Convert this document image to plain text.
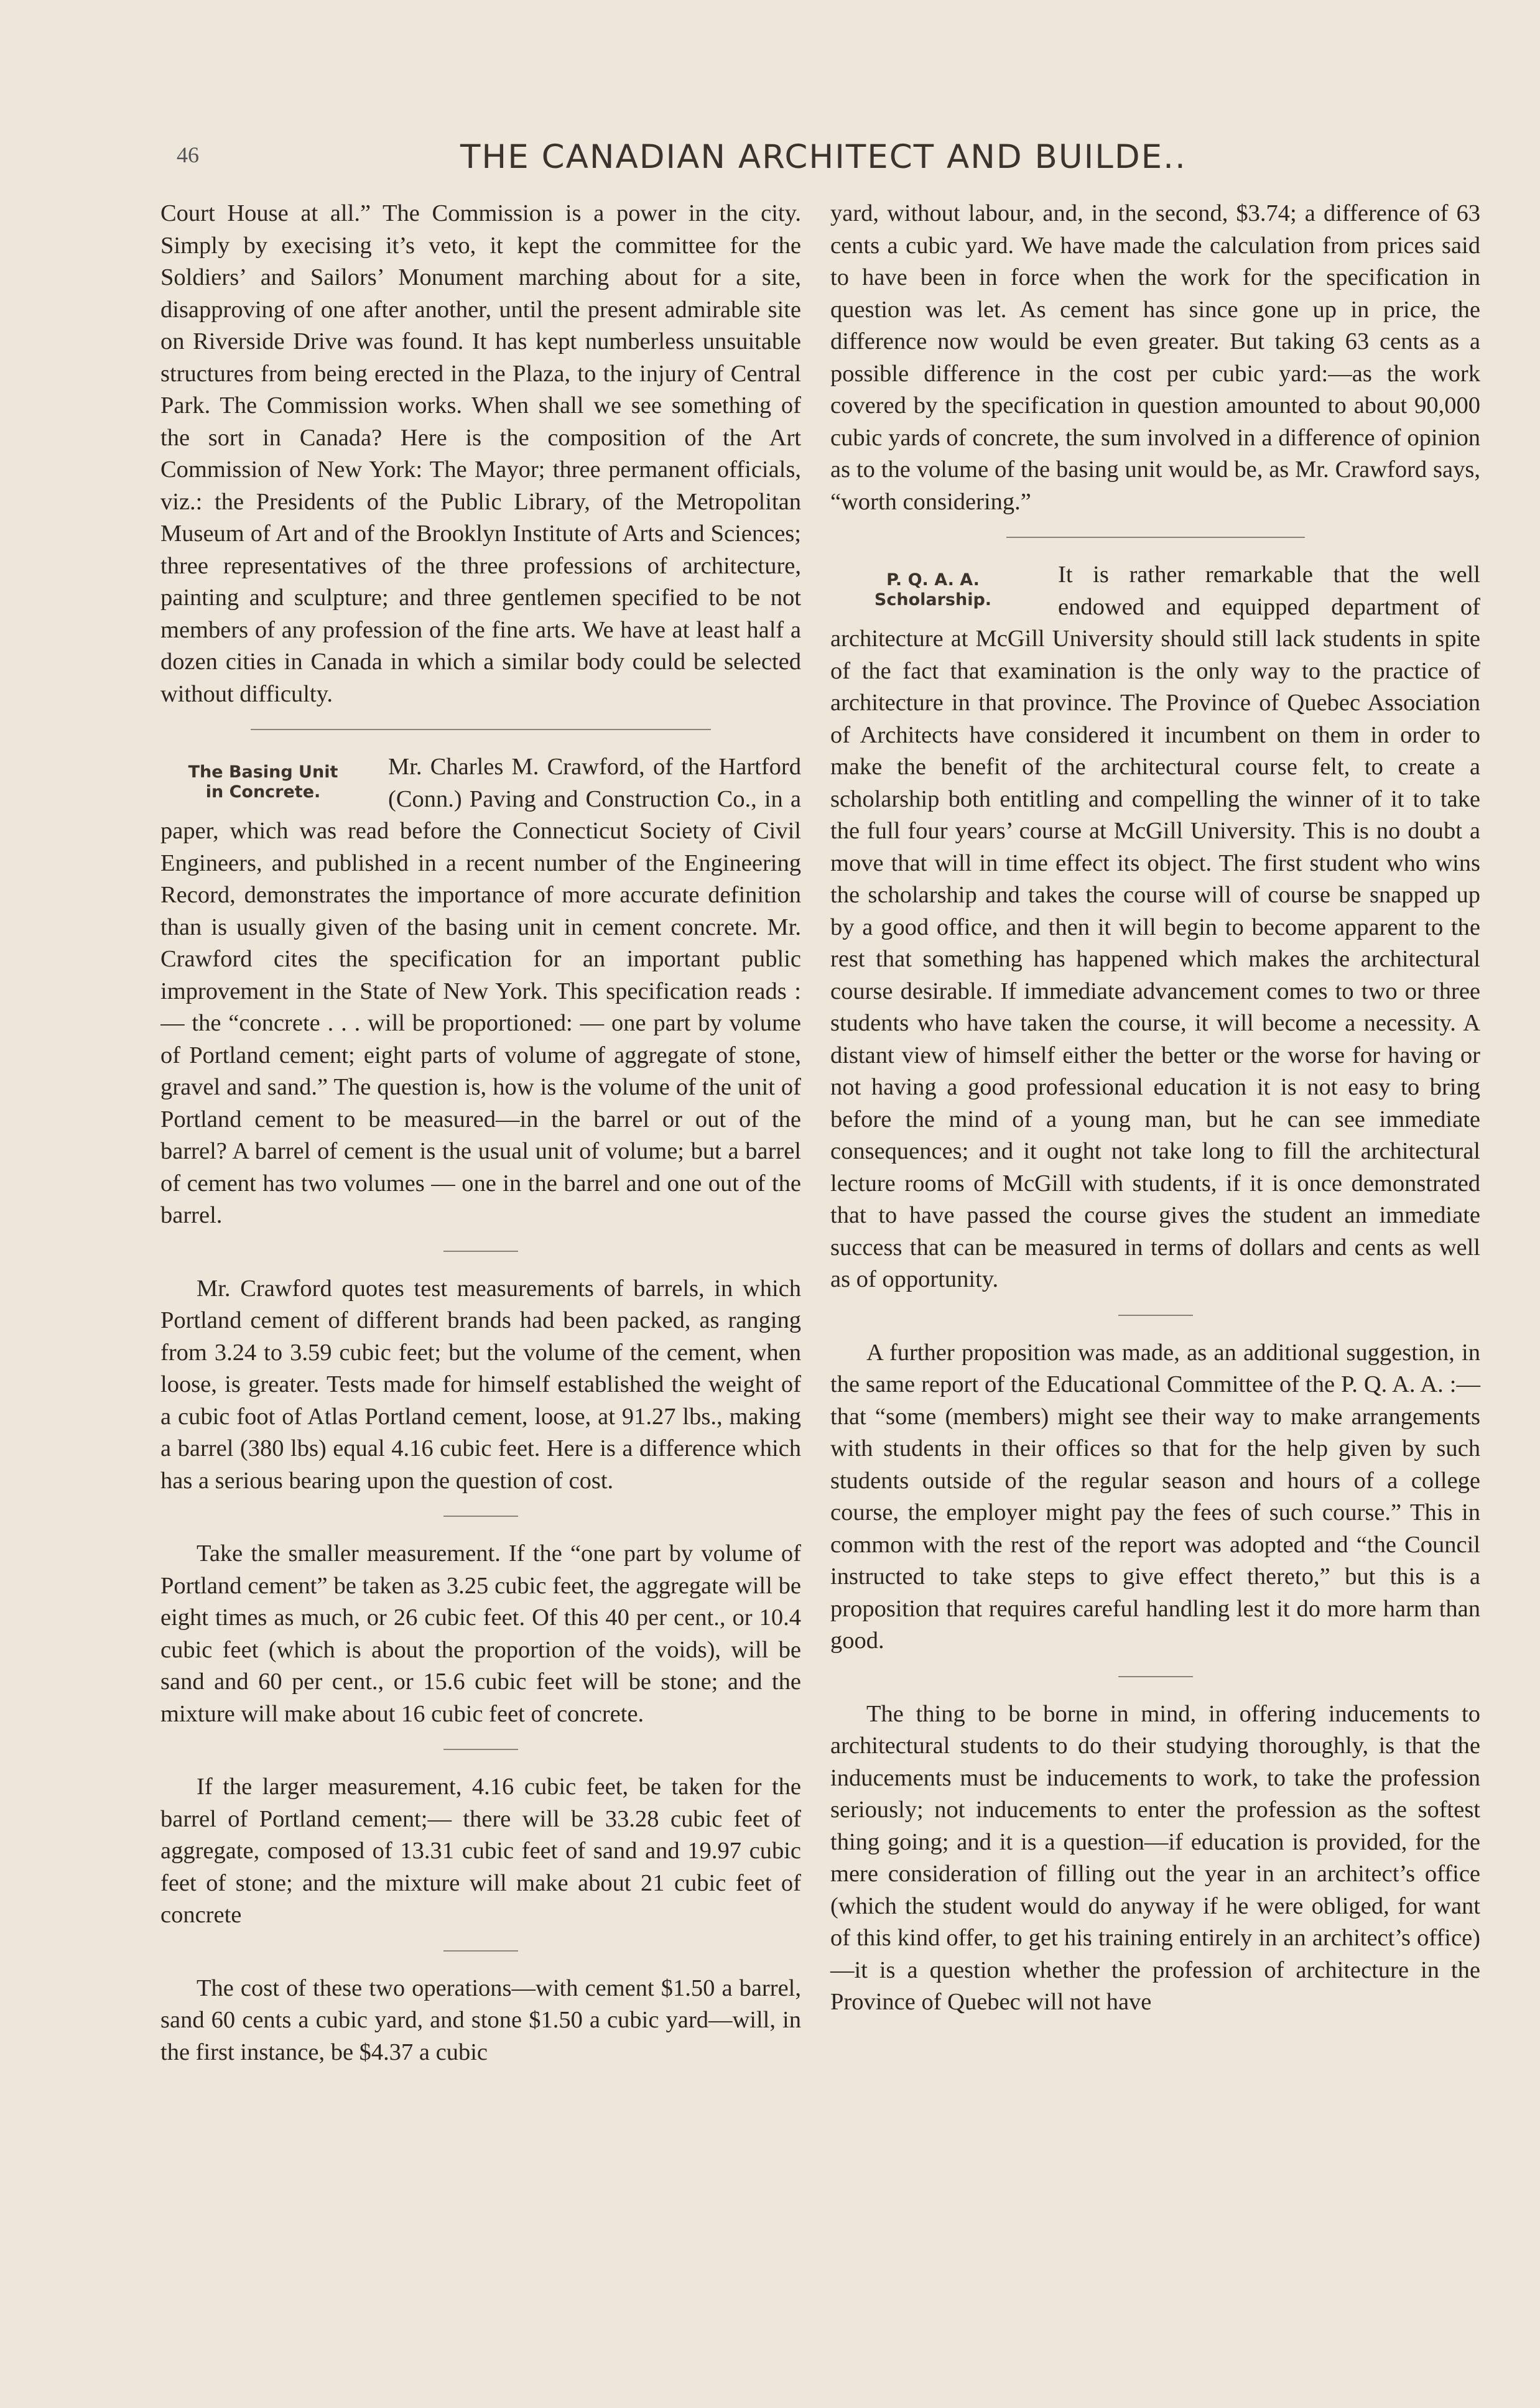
46	THE CANADIAN ARCHITECT AND BUILDE..

Court House at all.” The Commission is a power in the city. Simply by execising it’s veto, it kept the committee for the Soldiers’ and Sailors’ Monument marching about for a site, disapproving of one after another, until the present admirable site on Riverside Drive was found. It has kept numberless unsuitable structures from being erected in the Plaza, to the injury of Central Park. The Commission works. When shall we see something of the sort in Canada? Here is the composition of the Art Commission of New York: The Mayor; three permanent officials, viz.: the Presidents of the Public Library, of the Metropolitan Museum of Art and of the Brooklyn Institute of Arts and Sciences; three representatives of the three professions of architecture, painting and sculpture; and three gentlemen specified to be not members of any profession of the fine arts. We have at least half a dozen cities in Canada in which a similar body could be selected without difficulty.

The Basing Unit
in Concrete.

Mr. Charles M. Crawford, of the Hartford (Conn.) Paving and Construction Co., in a paper, which was read before the Connecticut Society of Civil Engineers, and published in a recent number of the Engineering Record, demonstrates the importance of more accurate definition than is usually given of the basing unit in cement concrete. Mr. Crawford cites the specification for an important public improvement in the State of New York. This specification reads :— the “concrete . . . will be proportioned: — one part by volume of Portland cement; eight parts of volume of aggregate of stone, gravel and sand.” The question is, how is the volume of the unit of Portland cement to be measured—in the barrel or out of the barrel? A barrel of cement is the usual unit of volume; but a barrel of cement has two volumes — one in the barrel and one out of the barrel.

Mr. Crawford quotes test measurements of barrels, in which Portland cement of different brands had been packed, as ranging from 3.24 to 3.59 cubic feet; but the volume of the cement, when loose, is greater. Tests made for himself established the weight of a cubic foot of Atlas Portland cement, loose, at 91.27 lbs., making a barrel (380 lbs) equal 4.16 cubic feet. Here is a difference which has a serious bearing upon the question of cost.

Take the smaller measurement. If the “one part by volume of Portland cement” be taken as 3.25 cubic feet, the aggregate will be eight times as much, or 26 cubic feet. Of this 40 per cent., or 10.4 cubic feet (which is about the proportion of the voids), will be sand and 60 per cent., or 15.6 cubic feet will be stone; and the mixture will make about 16 cubic feet of concrete.

If the larger measurement, 4.16 cubic feet, be taken for the barrel of Portland cement;— there will be 33.28 cubic feet of aggregate, composed of 13.31 cubic feet of sand and 19.97 cubic feet of stone; and the mixture will make about 21 cubic feet of concrete

The cost of these two operations—with cement $1.50 a barrel, sand 60 cents a cubic yard, and stone $1.50 a cubic yard—will, in the first instance, be $4.37 a cubic

yard, without labour, and, in the second, $3.74; a difference of 63 cents a cubic yard. We have made the calculation from prices said to have been in force when the work for the specification in question was let. As cement has since gone up in price, the difference now would be even greater. But taking 63 cents as a possible difference in the cost per cubic yard:—as the work covered by the specification in question amounted to about 90,000 cubic yards of concrete, the sum involved in a difference of opinion as to the volume of the basing unit would be, as Mr. Crawford says, “worth considering.”

P. Q. A. A.
Scholarship.

It is rather remarkable that the well endowed and equipped department of architecture at McGill University should still lack students in spite of the fact that examination is the only way to the practice of architecture in that province. The Province of Quebec Association of Architects have considered it incumbent on them in order to make the benefit of the architectural course felt, to create a scholarship both entitling and compelling the winner of it to take the full four years’ course at McGill University. This is no doubt a move that will in time effect its object. The first student who wins the scholarship and takes the course will of course be snapped up by a good office, and then it will begin to become apparent to the rest that something has happened which makes the architectural course desirable. If immediate advancement comes to two or three students who have taken the course, it will become a necessity. A distant view of himself either the better or the worse for having or not having a good professional education it is not easy to bring before the mind of a young man, but he can see immediate consequences; and it ought not take long to fill the architectural lecture rooms of McGill with students, if it is once demonstrated that to have passed the course gives the student an immediate success that can be measured in terms of dollars and cents as well as of opportunity.

A further proposition was made, as an additional suggestion, in the same report of the Educational Committee of the P. Q. A. A. :—that “some (members) might see their way to make arrangements with students in their offices so that for the help given by such students outside of the regular season and hours of a college course, the employer might pay the fees of such course.” This in common with the rest of the report was adopted and “the Council instructed to take steps to give effect thereto,” but this is a proposition that requires careful handling lest it do more harm than good.

The thing to be borne in mind, in offering inducements to architectural students to do their studying thoroughly, is that the inducements must be inducements to work, to take the profession seriously; not inducements to enter the profession as the softest thing going; and it is a question—if education is provided, for the mere consideration of filling out the year in an architect’s office (which the student would do anyway if he were obliged, for want of this kind offer, to get his training entirely in an architect’s office)—it is a question whether the profession of architecture in the Province of Quebec will not have
